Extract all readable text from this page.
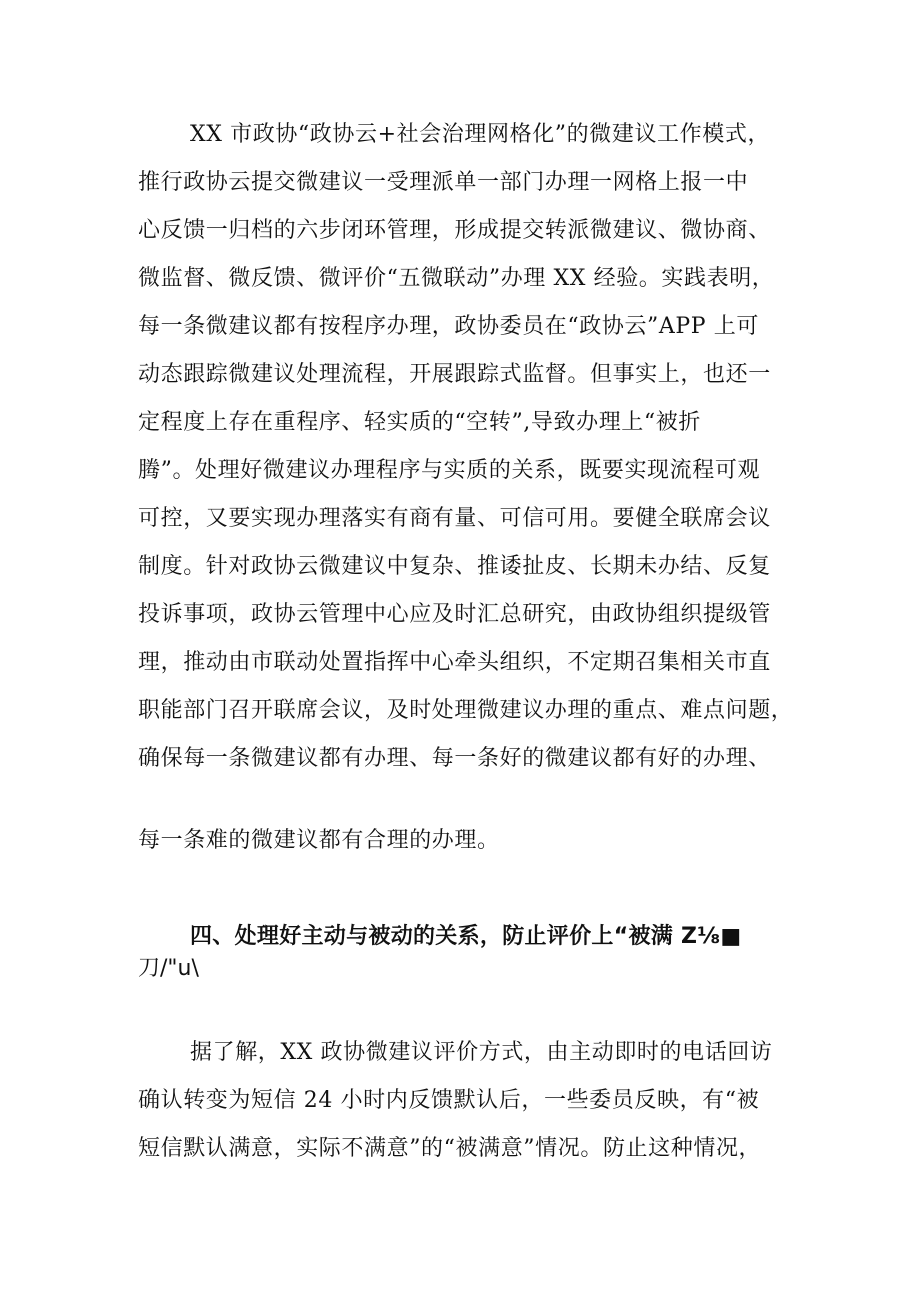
XX 市政协“政协云+社会治理网格化”的微建议工作模式，
推行政协云提交微建议一受理派单一部门办理一网格上报一中
心反馈一归档的六步闭环管理，形成提交转派微建议、微协商、
微监督、微反馈、微评价“五微联动”办理 XX 经验。实践表明，
每一条微建议都有按程序办理，政协委员在“政协云”APP 上可
动态跟踪微建议处理流程，开展跟踪式监督。但事实上，也还一
定程度上存在重程序、轻实质的“空转”,导致办理上“被折
腾”。处理好微建议办理程序与实质的关系，既要实现流程可观
可控，又要实现办理落实有商有量、可信可用。要健全联席会议
制度。针对政协云微建议中复杂、推诿扯皮、长期未办结、反复
投诉事项，政协云管理中心应及时汇总研究，由政协组织提级管
理，推动由市联动处置指挥中心牵头组织，不定期召集相关市直
职能部门召开联席会议，及时处理微建议办理的重点、难点问题，
确保每一条微建议都有办理、每一条好的微建议都有好的办理、
每一条难的微建议都有合理的办理。
四、处理好主动与被动的关系，防止评价上“被满 Z⅛■
刀/"u\
据了解，XX 政协微建议评价方式，由主动即时的电话回访
确认转变为短信 24 小时内反馈默认后，一些委员反映，有“被
短信默认满意，实际不满意”的“被满意”情况。防止这种情况，
